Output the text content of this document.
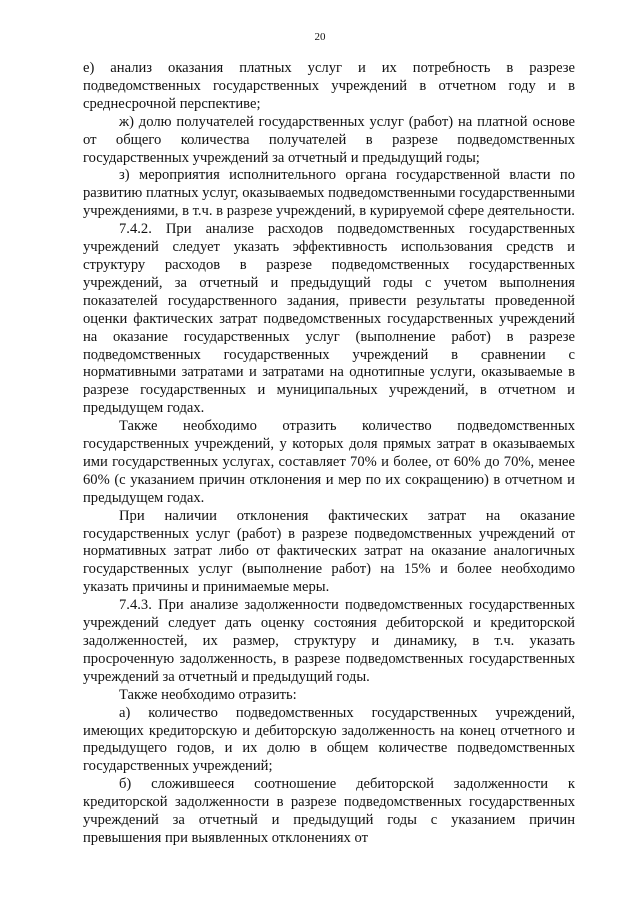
20

е) анализ оказания платных услуг и их потребность в разрезе подведомственных государственных учреждений в отчетном году и в среднесрочной перспективе;

ж) долю получателей государственных услуг (работ) на платной основе от общего количества получателей в разрезе подведомственных государственных учреждений за отчетный и предыдущий годы;

з) мероприятия исполнительного органа государственной власти по развитию платных услуг, оказываемых подведомственными государственными учреждениями, в т.ч. в разрезе учреждений, в курируемой сфере деятельности.

7.4.2. При анализе расходов подведомственных государственных учреждений следует указать эффективность использования средств и структуру расходов в разрезе подведомственных государственных учреждений, за отчетный и предыдущий годы с учетом выполнения показателей государственного задания, привести результаты проведенной оценки фактических затрат подведомственных государственных учреждений на оказание государственных услуг (выполнение работ) в разрезе подведомственных государственных учреждений в сравнении с нормативными затратами и затратами на однотипные услуги, оказываемые в разрезе государственных и муниципальных учреждений, в отчетном и предыдущем годах.

Также необходимо отразить количество подведомственных государственных учреждений, у которых доля прямых затрат в оказываемых ими государственных услугах, составляет 70% и более, от 60% до 70%, менее 60% (с указанием причин отклонения и мер по их сокращению) в отчетном и предыдущем годах.

При наличии отклонения фактических затрат на оказание государственных услуг (работ) в разрезе подведомственных учреждений от нормативных затрат либо от фактических затрат на оказание аналогичных государственных услуг (выполнение работ) на 15% и более необходимо указать причины и принимаемые меры.

7.4.3. При анализе задолженности подведомственных государственных учреждений следует дать оценку состояния дебиторской и кредиторской задолженностей, их размер, структуру и динамику, в т.ч. указать просроченную задолженность, в разрезе подведомственных государственных учреждений за отчетный и предыдущий годы.

Также необходимо отразить:

а) количество подведомственных государственных учреждений, имеющих кредиторскую и дебиторскую задолженность на конец отчетного и предыдущего годов, и их долю в общем количестве подведомственных государственных учреждений;

б) сложившееся соотношение дебиторской задолженности к кредиторской задолженности в разрезе подведомственных государственных учреждений за отчетный и предыдущий годы с указанием причин превышения при выявленных отклонениях от
